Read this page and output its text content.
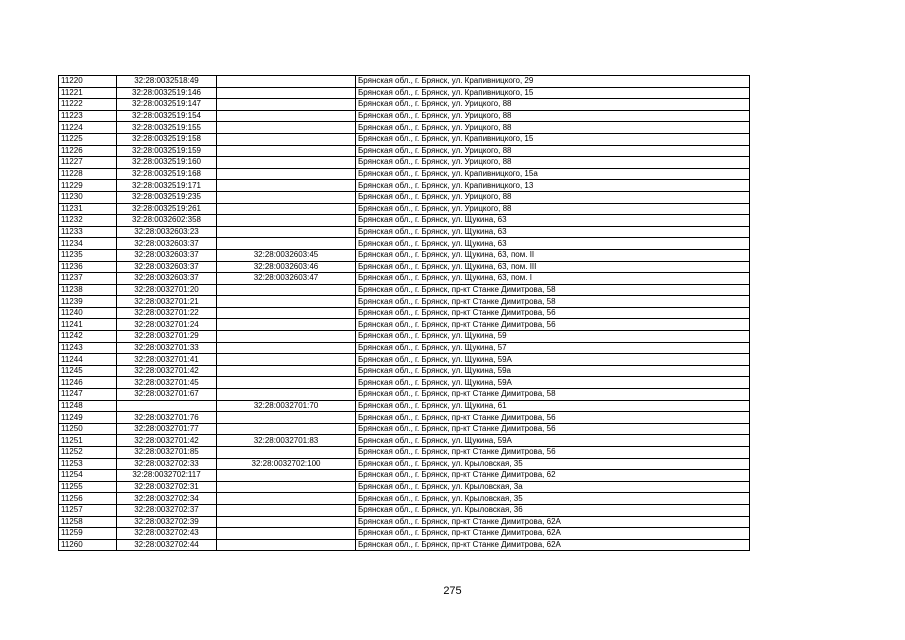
11220	32:28:0032518:49		Брянская обл., г. Брянск, ул. Крапивницкого, 29
11221	32:28:0032519:146		Брянская обл., г. Брянск, ул. Крапивницкого, 15
11222	32:28:0032519:147		Брянская обл., г. Брянск, ул. Урицкого, 88
11223	32:28:0032519:154		Брянская обл., г. Брянск, ул. Урицкого, 88
11224	32:28:0032519:155		Брянская обл., г. Брянск, ул. Урицкого, 88
11225	32:28:0032519:158		Брянская обл., г. Брянск, ул. Крапивницкого, 15
11226	32:28:0032519:159		Брянская обл., г. Брянск, ул. Урицкого, 88
11227	32:28:0032519:160		Брянская обл., г. Брянск, ул. Урицкого, 88
11228	32:28:0032519:168		Брянская обл., г. Брянск, ул. Крапивницкого, 15а
11229	32:28:0032519:171		Брянская обл., г. Брянск, ул. Крапивницкого, 13
11230	32:28:0032519:235		Брянская обл., г. Брянск, ул. Урицкого, 88
11231	32:28:0032519:261		Брянская обл., г. Брянск, ул. Урицкого, 88
11232	32:28:0032602:358		Брянская обл., г. Брянск, ул. Щукина, 63
11233	32:28:0032603:23		Брянская обл., г. Брянск, ул. Щукина, 63
11234	32:28:0032603:37		Брянская обл., г. Брянск, ул. Щукина, 63
11235	32:28:0032603:37	32:28:0032603:45	Брянская обл., г. Брянск, ул. Щукина, 63, пом. II
11236	32:28:0032603:37	32:28:0032603:46	Брянская обл., г. Брянск, ул. Щукина, 63, пом. III
11237	32:28:0032603:37	32:28:0032603:47	Брянская обл., г. Брянск, ул. Щукина, 63, пом. I
11238	32:28:0032701:20		Брянская обл., г. Брянск, пр-кт Станке Димитрова, 58
11239	32:28:0032701:21		Брянская обл., г. Брянск, пр-кт Станке Димитрова, 58
11240	32:28:0032701:22		Брянская обл., г. Брянск, пр-кт Станке Димитрова, 56
11241	32:28:0032701:24		Брянская обл., г. Брянск, пр-кт Станке Димитрова, 56
11242	32:28:0032701:29		Брянская обл., г. Брянск, ул. Щукина, 59
11243	32:28:0032701:33		Брянская обл., г. Брянск, ул. Щукина, 57
11244	32:28:0032701:41		Брянская обл., г. Брянск, ул. Щукина, 59А
11245	32:28:0032701:42		Брянская обл., г. Брянск, ул. Щукина, 59а
11246	32:28:0032701:45		Брянская обл., г. Брянск, ул. Щукина, 59А
11247	32:28:0032701:67		Брянская обл., г. Брянск, пр-кт Станке Димитрова, 58
11248		32:28:0032701:70	Брянская обл., г. Брянск, ул. Щукина, 61
11249	32:28:0032701:76		Брянская обл., г. Брянск, пр-кт Станке Димитрова, 56
11250	32:28:0032701:77		Брянская обл., г. Брянск, пр-кт Станке Димитрова, 56
11251	32:28:0032701:42	32:28:0032701:83	Брянская обл., г. Брянск, ул. Щукина, 59А
11252	32:28:0032701:85		Брянская обл., г. Брянск, пр-кт Станке Димитрова, 56
11253	32:28:0032702:33	32:28:0032702:100	Брянская обл., г. Брянск, ул. Крыловская, 35
11254	32:28:0032702:117		Брянская обл., г. Брянск, пр-кт Станке Димитрова, 62
11255	32:28:0032702:31		Брянская обл., г. Брянск, ул. Крыловская, 3а
11256	32:28:0032702:34		Брянская обл., г. Брянск, ул. Крыловская, 35
11257	32:28:0032702:37		Брянская обл., г. Брянск, ул. Крыловская, 36
11258	32:28:0032702:39		Брянская обл., г. Брянск, пр-кт Станке Димитрова, 62А
11259	32:28:0032702:43		Брянская обл., г. Брянск, пр-кт Станке Димитрова, 62А
11260	32:28:0032702:44		Брянская обл., г. Брянск, пр-кт Станке Димитрова, 62А
275
